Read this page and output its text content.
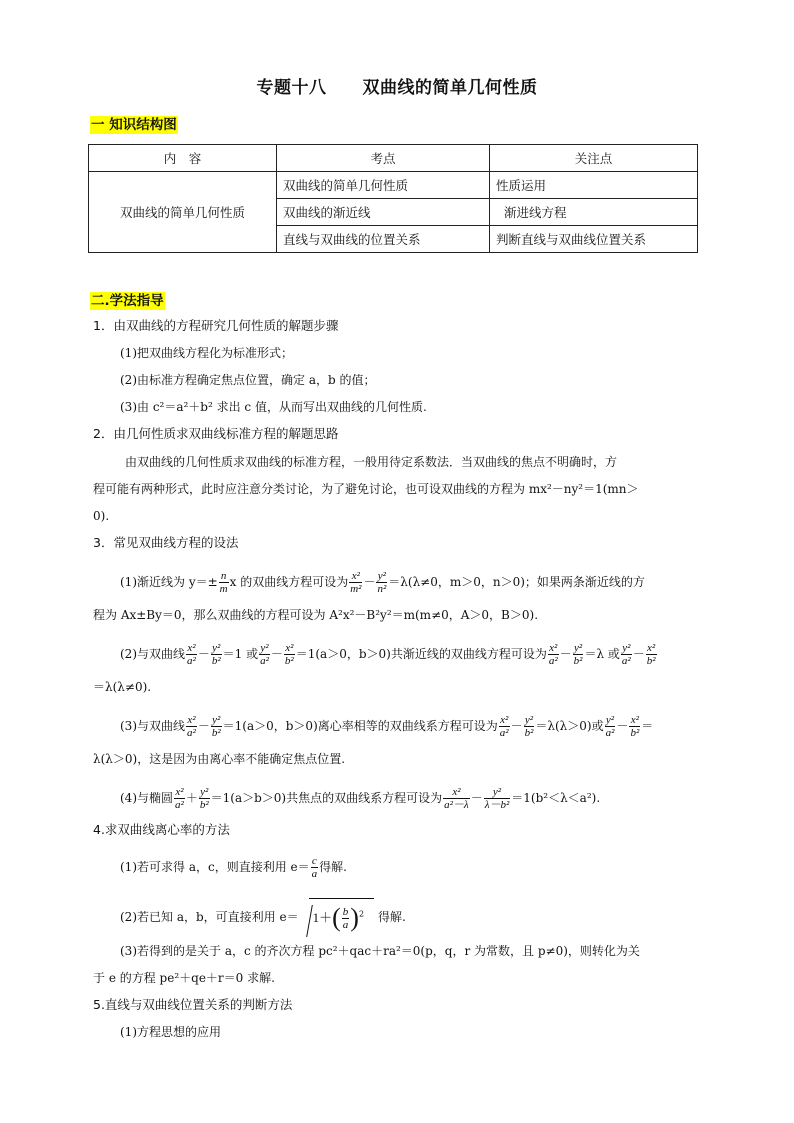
专题十八 双曲线的简单几何性质
一 知识结构图
内　容	考点	关注点
双曲线的简单几何性质	双曲线的简单几何性质	性质运用
	双曲线的渐近线	渐进线方程
	直线与双曲线的位置关系	判断直线与双曲线位置关系
二.学法指导
1．由双曲线的方程研究几何性质的解题步骤
(1)把双曲线方程化为标准形式；
(2)由标准方程确定焦点位置，确定 a，b 的值；
(3)由 c²＝a²＋b² 求出 c 值，从而写出双曲线的几何性质.
2．由几何性质求双曲线标准方程的解题思路
由双曲线的几何性质求双曲线的标准方程，一般用待定系数法．当双曲线的焦点不明确时，方
程可能有两种形式，此时应注意分类讨论，为了避免讨论，也可设双曲线的方程为 mx²－ny²＝1(mn＞
0).
3．常见双曲线方程的设法
(1)渐近线为 $y=\pm \frac{n}{m}$ x 的双曲线方程可设为 $\frac{\text{x²}}{\text{m²}} - \frac{\text{y²}}{\text{n²}} =\lambda(\lambda\ne 0$，m＞0，n＞0)；如果两条渐近线的方
程为 Ax±By＝0，那么双曲线的方程可设为 A²x²－B²y²＝m(m≠0，A＞0，B＞0).
(2)与双曲线 $\frac{\text{x²}}{\text{a²}} - \frac{\text{y²}}{\text{b²}} =1$ 或 $\frac{\text{y²}}{\text{a²}} - \frac{\text{x²}}{\text{b²}} =1(a>0$，b＞0)共渐近线的双曲线方程可设为 $\frac{\text{x²}}{\text{a²}} - \frac{\text{y²}}{\text{b²}} =\lambda$ 或 $\frac{\text{y²}}{\text{a²}} - \frac{\text{x²}}{\text{b²}}$
＝λ(λ≠0).
(3)与双曲线 $\frac{\text{x²}}{\text{a²}} - \frac{\text{y²}}{\text{b²}} =1(a>0$，b＞0)离心率相等的双曲线系方程可设为 $\frac{\text{x²}}{\text{a²}} - \frac{\text{y²}}{\text{b²}} =\lambda(\lambda>0)$或 $\frac{\text{y²}}{\text{a²}} - \frac{\text{x²}}{\text{b²}}$ ＝
λ(λ＞0)，这是因为由离心率不能确定焦点位置.
(4)与椭圆 $\frac{\text{x²}}{\text{a²}} + \frac{\text{y²}}{\text{b²}} =1(a>b>0)$共焦点的双曲线系方程可设为 $\frac{\text{x²}}{\text{a²－λ}} - \frac{\text{y²}}{\text{λ－b²}} =1(b^2<\lambda<a^2)$.
4.求双曲线离心率的方法
(1)若可求得 a，c，则直接利用 $e= \frac{c}{a}$ 得解.
(2)若已知 a，b，可直接利用 $e= 1+( \frac{b}{a} )^2$ 得解.
(3)若得到的是关于 a，c 的齐次方程 pc²＋qac＋ra²＝0(p，q，r 为常数，且 p≠0)，则转化为关
于 e 的方程 pe²＋qe＋r＝0 求解.
5.直线与双曲线位置关系的判断方法
(1)方程思想的应用
